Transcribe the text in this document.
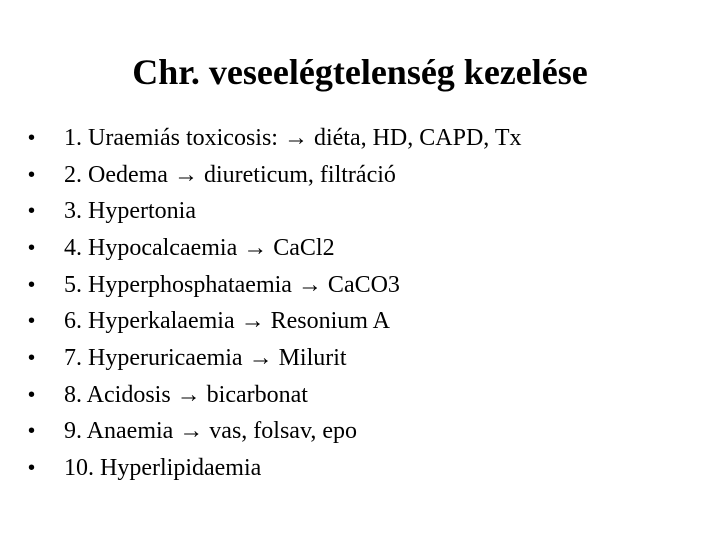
Chr. veseelégtelenség kezelése
•	1. Uraemiás toxicosis: → diéta, HD, CAPD, Tx
•	2. Oedema → diureticum, filtráció
•	3. Hypertonia
•	4. Hypocalcaemia → CaCl2
•	5. Hyperphosphataemia → CaCO3
•	6. Hyperkalaemia → Resonium A
•	7. Hyperuricaemia → Milurit
•	8. Acidosis → bicarbonat
•	9. Anaemia → vas, folsav, epo
•	10. Hyperlipidaemia
